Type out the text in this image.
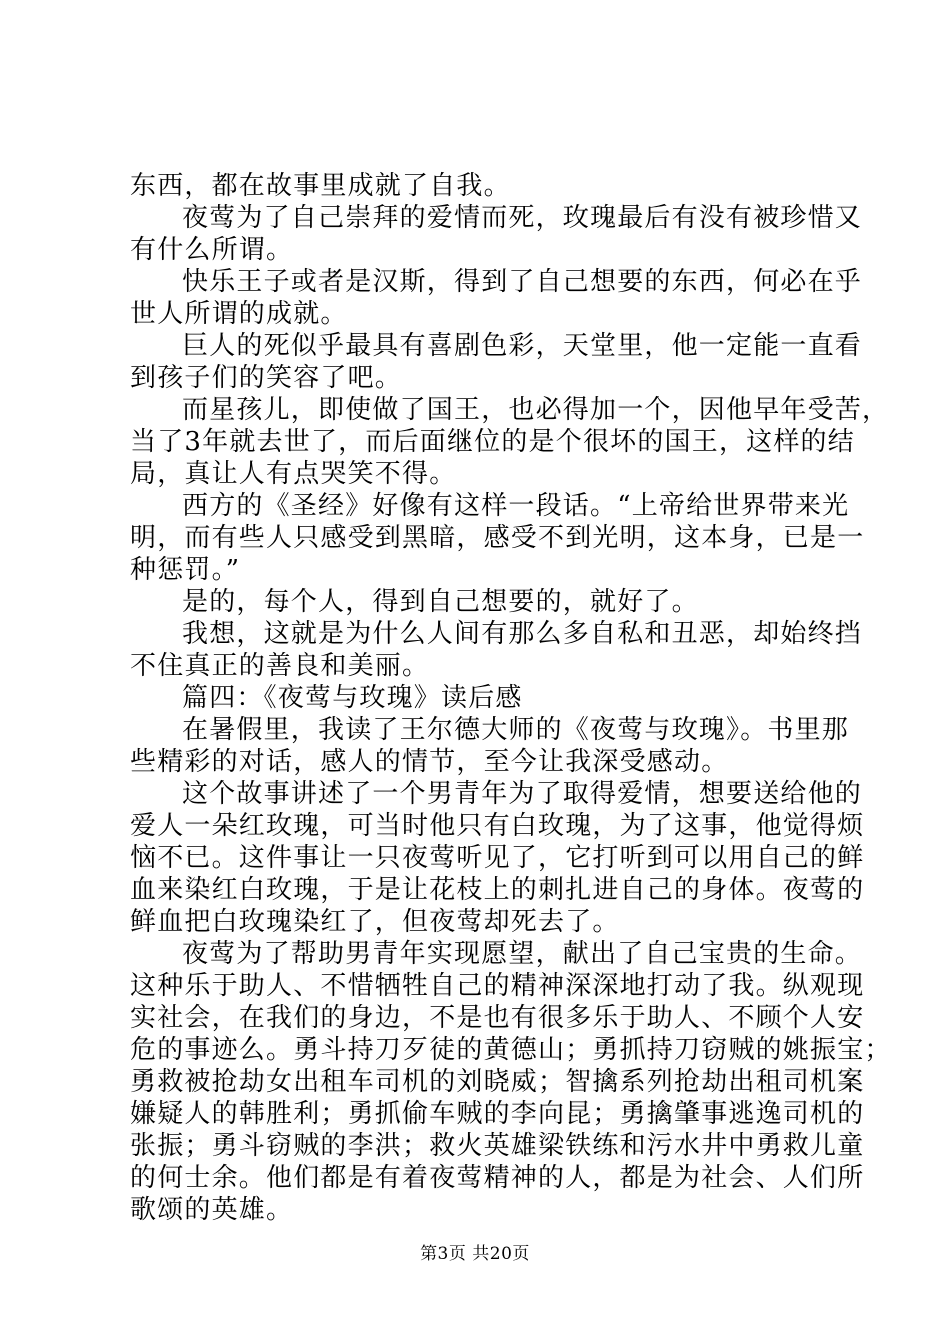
东西，都在故事里成就了自我。
夜莺为了自己崇拜的爱情而死，玫瑰最后有没有被珍惜又
有什么所谓。
快乐王子或者是汉斯，得到了自己想要的东西，何必在乎
世人所谓的成就。
巨人的死似乎最具有喜剧色彩，天堂里，他一定能一直看
到孩子们的笑容了吧。
而星孩儿，即使做了国王，也必得加一个，因他早年受苦，
当了3年就去世了，而后面继位的是个很坏的国王，这样的结
局，真让人有点哭笑不得。
西方的《圣经》好像有这样一段话。“上帝给世界带来光
明，而有些人只感受到黑暗，感受不到光明，这本身，已是一
种惩罚。”
是的，每个人，得到自己想要的，就好了。
我想，这就是为什么人间有那么多自私和丑恶，却始终挡
不住真正的善良和美丽。
篇四：《夜莺与玫瑰》读后感
在暑假里，我读了王尔德大师的《夜莺与玫瑰》。书里那
些精彩的对话，感人的情节，至今让我深受感动。
这个故事讲述了一个男青年为了取得爱情，想要送给他的
爱人一朵红玫瑰，可当时他只有白玫瑰，为了这事，他觉得烦
恼不已。这件事让一只夜莺听见了，它打听到可以用自己的鲜
血来染红白玫瑰，于是让花枝上的刺扎进自己的身体。夜莺的
鲜血把白玫瑰染红了，但夜莺却死去了。
夜莺为了帮助男青年实现愿望，献出了自己宝贵的生命。
这种乐于助人、不惜牺牲自己的精神深深地打动了我。纵观现
实社会，在我们的身边，不是也有很多乐于助人、不顾个人安
危的事迹么。勇斗持刀歹徒的黄德山；勇抓持刀窃贼的姚振宝；
勇救被抢劫女出租车司机的刘晓威；智擒系列抢劫出租司机案
嫌疑人的韩胜利；勇抓偷车贼的李向昆；勇擒肇事逃逸司机的
张振；勇斗窃贼的李洪；救火英雄梁铁练和污水井中勇救儿童
的何士余。他们都是有着夜莺精神的人，都是为社会、人们所
歌颂的英雄。
第3页 共20页
